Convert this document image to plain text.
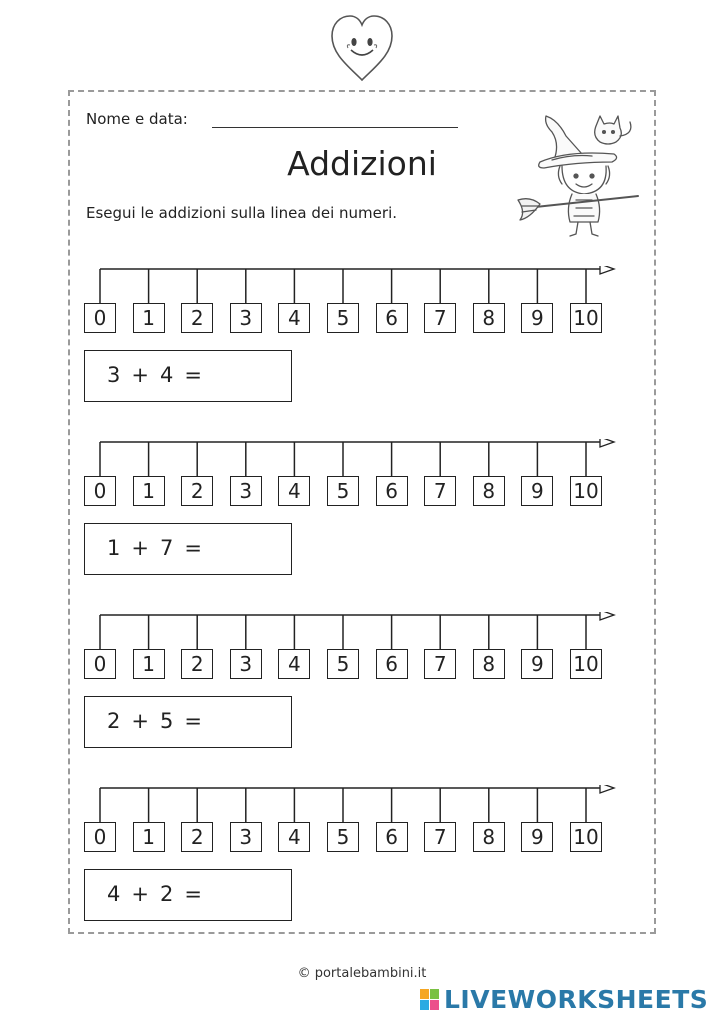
Nome e data:
Addizioni
Esegui le addizioni sulla linea dei numeri.
0	1	2	3	4	5	6	7	8	9	10
3 + 4 =
0	1	2	3	4	5	6	7	8	9	10
1 + 7 =
0	1	2	3	4	5	6	7	8	9	10
2 + 5 =
0	1	2	3	4	5	6	7	8	9	10
4 + 2 =
© portalebambini.it
LIVEWORKSHEETS
